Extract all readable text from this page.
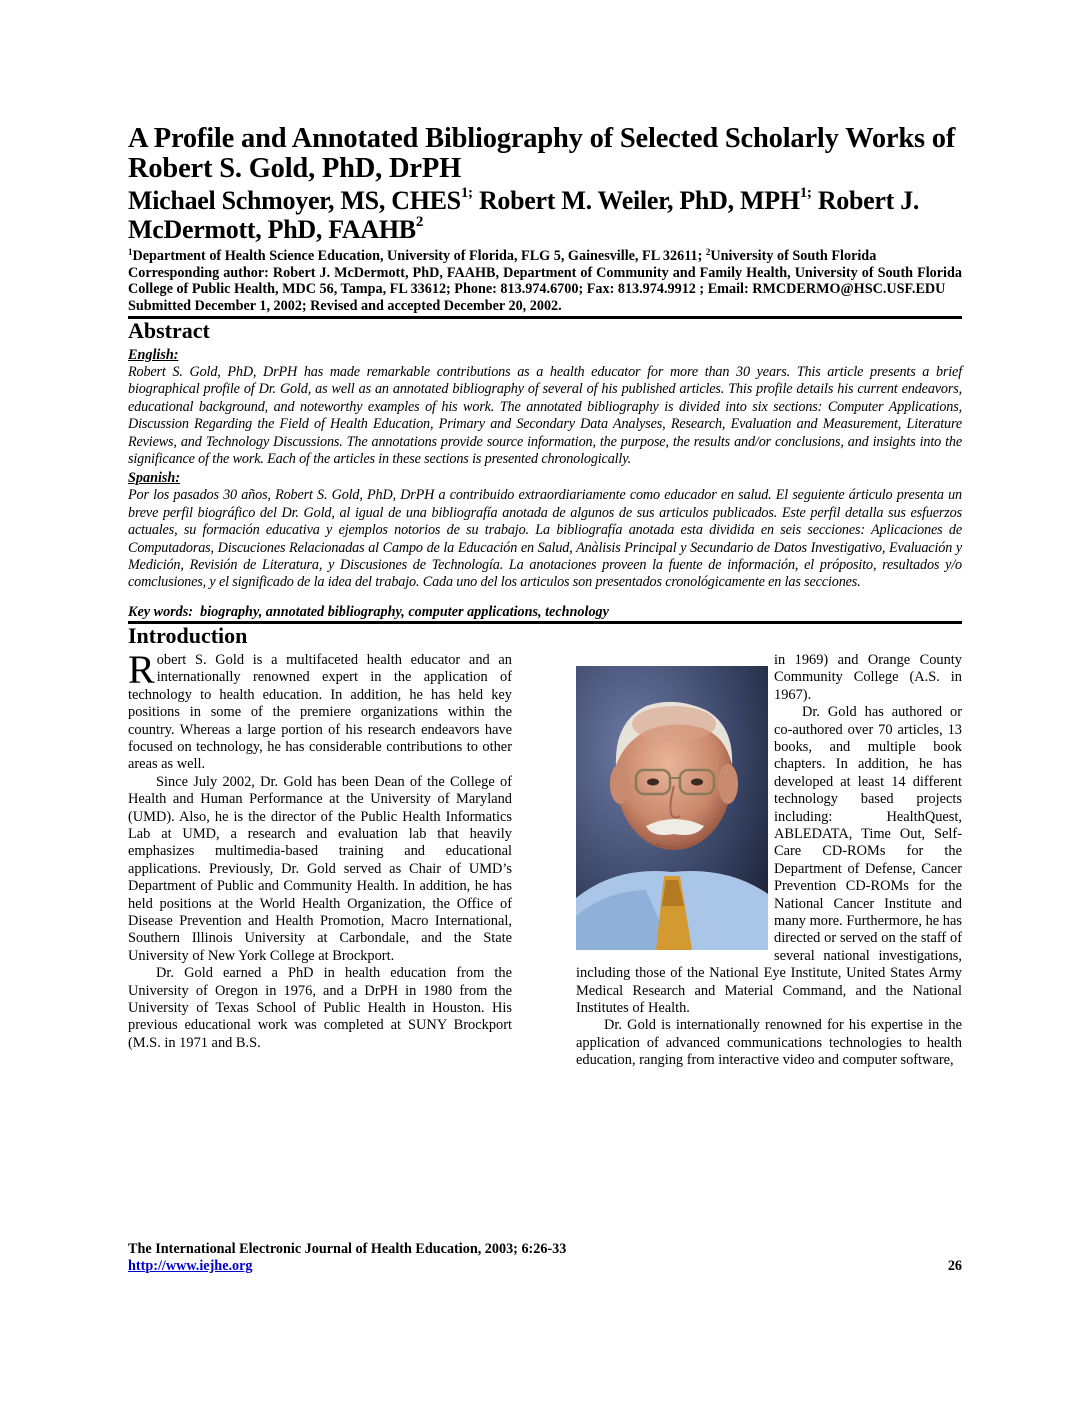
A Profile and Annotated Bibliography of Selected Scholarly Works of Robert S. Gold, PhD, DrPH
Michael Schmoyer, MS, $CHES^{1;}$ Robert M. Weiler, PhD, $MPH^{1;}$ Robert J. McDermott, PhD, FAAHB$^2$

$^1$Department of Health Science Education, University of Florida, FLG 5, Gainesville, FL 32611; $^2$University of South Florida

Corresponding author: Robert J. McDermott, PhD, FAAHB, Department of Community and Family Health, University of South Florida College of Public Health, MDC 56, Tampa, FL 33612; Phone: 813.974.6700; Fax: 813.974.9912 ; Email: RMCDERMO@HSC.USF.EDU

Submitted December 1, 2002; Revised and accepted December 20, 2002.

Abstract

English:

Robert S. Gold, PhD, DrPH has made remarkable contributions as a health educator for more than 30 years. This article presents a brief biographical profile of Dr. Gold, as well as an annotated bibliography of several of his published articles. This profile details his current endeavors, educational background, and noteworthy examples of his work. The annotated bibliography is divided into six sections: Computer Applications, Discussion Regarding the Field of Health Education, Primary and Secondary Data Analyses, Research, Evaluation and Measurement, Literature Reviews, and Technology Discussions. The annotations provide source information, the purpose, the results and/or conclusions, and insights into the significance of the work. Each of the articles in these sections is presented chronologically.

Spanish:

Por los pasados 30 años, Robert S. Gold, PhD, DrPH a contribuido extraordiariamente como educador en salud. El seguiente árticulo presenta un breve perfil biográfico del Dr. Gold, al igual de una bibliografía anotada de algunos de sus articulos publicados. Este perfil detalla sus esfuerzos actuales, su formación educativa y ejemplos notorios de su trabajo. La bibliografía anotada esta dividida en seis secciones: Aplicaciones de Computadoras, Discuciones Relacionadas al Campo de la Educación en Salud, Anàlisis Principal y Secundario de Datos Investigativo, Evaluación y Medición, Revisión de Literatura, y Discusiones de Technología. La anotaciones proveen la fuente de información, el próposito, resultados y/o comclusiones, y el significado de la idea del trabajo. Cada uno del los articulos son presentados cronológicamente en las secciones.

Key words: biography, annotated bibliography, computer applications, technology

Introduction

Robert S. Gold is a multifaceted health educator and an internationally renowned expert in the application of technology to health education. In addition, he has held key positions in some of the premiere organizations within the country. Whereas a large portion of his research endeavors have focused on technology, he has considerable contributions to other areas as well.

Since July 2002, Dr. Gold has been Dean of the College of Health and Human Performance at the University of Maryland (UMD). Also, he is the director of the Public Health Informatics Lab at UMD, a research and evaluation lab that heavily emphasizes multimedia-based training and educational applications. Previously, Dr. Gold served as Chair of UMD’s Department of Public and Community Health. In addition, he has held positions at the World Health Organization, the Office of Disease Prevention and Health Promotion, Macro International, Southern Illinois University at Carbondale, and the State University of New York College at Brockport.

Dr. Gold earned a PhD in health education from the University of Oregon in 1976, and a DrPH in 1980 from the University of Texas School of Public Health in Houston. His previous educational work was completed at SUNY Brockport (M.S. in 1971 and B.S.

in 1969) and Orange County Community College (A.S. in 1967).

Dr. Gold has authored or co-authored over 70 articles, 13 books, and multiple book chapters. In addition, he has developed at least 14 different technology based projects including: HealthQuest, ABLEDATA, Time Out, Self-Care CD-ROMs for the Department of Defense, Cancer Prevention CD-ROMs for the National Cancer Institute and many more. Furthermore, he has directed or served on the staff of several national investigations, including those of the National Eye Institute, United States Army Medical Research and Material Command, and the National Institutes of Health.

Dr. Gold is internationally renowned for his expertise in the application of advanced communications technologies to health education, ranging from interactive video and computer software,

The International Electronic Journal of Health Education, 2003; 6:26-33
http://www.iejhe.org	26
